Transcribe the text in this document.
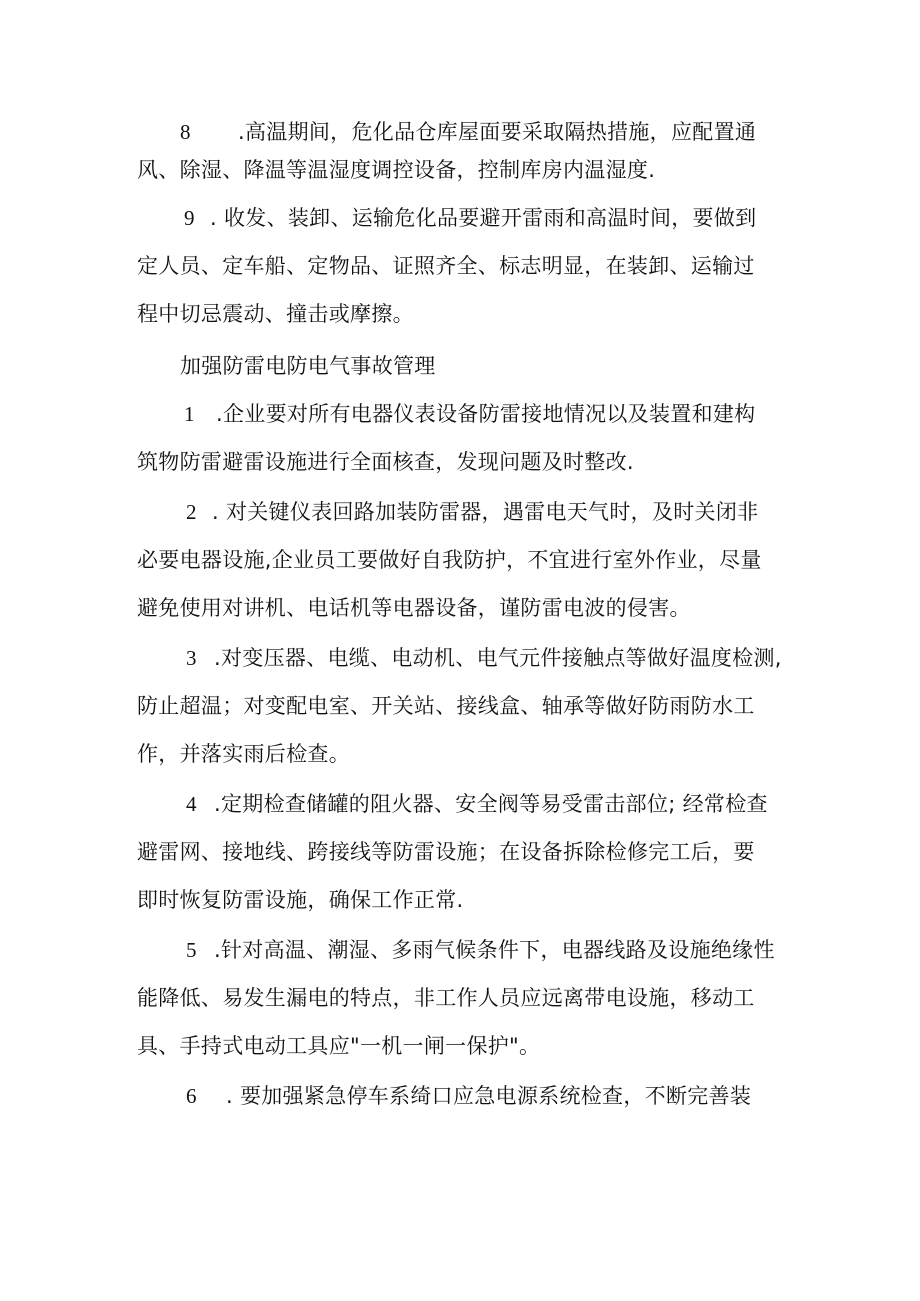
8 .高温期间，危化品仓库屋面要采取隔热措施，应配置通
风、除湿、降温等温湿度调控设备，控制库房内温湿度.
9 . 收发、装卸、运输危化品要避开雷雨和高温时间，要做到
定人员、定车船、定物品、证照齐全、标志明显，在装卸、运输过
程中切忌震动、撞击或摩擦。
加强防雷电防电气事故管理
1 .企业要对所有电器仪表设备防雷接地情况以及装置和建构
筑物防雷避雷设施进行全面核查，发现问题及时整改.
2 . 对关键仪表回路加装防雷器，遇雷电天气时，及时关闭非
必要电器设施,企业员工要做好自我防护，不宜进行室外作业，尽量
避免使用对讲机、电话机等电器设备，谨防雷电波的侵害。
3 .对变压器、电缆、电动机、电气元件接触点等做好温度检测,
防止超温；对变配电室、开关站、接线盒、轴承等做好防雨防水工
作，并落实雨后检查。
4 .定期检查储罐的阻火器、安全阀等易受雷击部位; 经常检查
避雷网、接地线、跨接线等防雷设施；在设备拆除检修完工后，要
即时恢复防雷设施，确保工作正常.
5 .针对高温、潮湿、多雨气候条件下，电器线路及设施绝缘性
能降低、易发生漏电的特点，非工作人员应远离带电设施，移动工
具、手持式电动工具应"一机一闸一保护"。
6 . 要加强紧急停车系绮口应急电源系统检查，不断完善装
